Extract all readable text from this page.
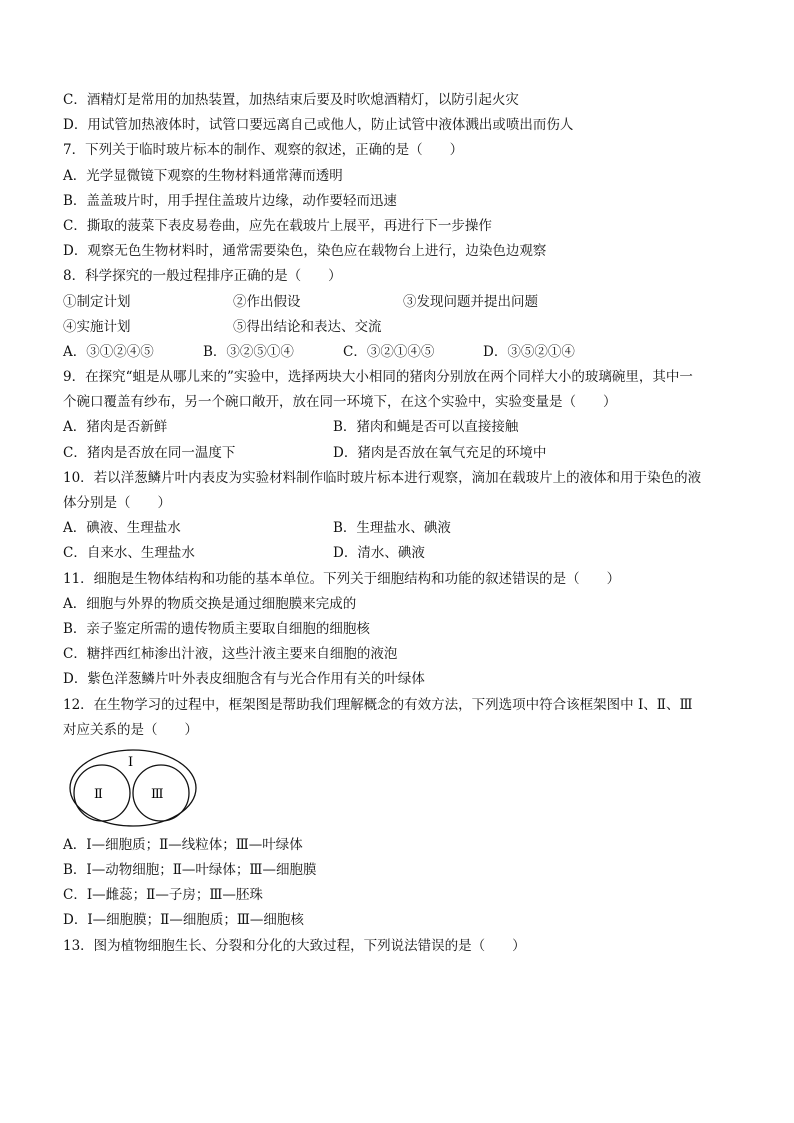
C．酒精灯是常用的加热装置，加热结束后要及时吹熄酒精灯，以防引起火灾
D．用试管加热液体时，试管口要远离自己或他人，防止试管中液体溅出或喷出而伤人
7．下列关于临时玻片标本的制作、观察的叙述，正确的是（　　）
A．光学显微镜下观察的生物材料通常薄而透明
B．盖盖玻片时，用手捏住盖玻片边缘，动作要轻而迅速
C．撕取的菠菜下表皮易卷曲，应先在载玻片上展平，再进行下一步操作
D．观察无色生物材料时，通常需要染色，染色应在载物台上进行，边染色边观察
8．科学探究的一般过程排序正确的是（　　）
①制定计划	②作出假设	③发现问题并提出问题
④实施计划	⑤得出结论和表达、交流
A．③①②④⑤	B．③②⑤①④	C．③②①④⑤	D．③⑤②①④
9．在探究“蛆是从哪儿来的”实验中，选择两块大小相同的猪肉分别放在两个同样大小的玻璃碗里，其中一
个碗口覆盖有纱布，另一个碗口敞开，放在同一环境下，在这个实验中，实验变量是（　　）
A．猪肉是否新鲜	B．猪肉和蝇是否可以直接接触
C．猪肉是否放在同一温度下	D．猪肉是否放在氧气充足的环境中
10．若以洋葱鳞片叶内表皮为实验材料制作临时玻片标本进行观察，滴加在载玻片上的液体和用于染色的液
体分别是（　　）
A．碘液、生理盐水	B．生理盐水、碘液
C．自来水、生理盐水	D．清水、碘液
11．细胞是生物体结构和功能的基本单位。下列关于细胞结构和功能的叙述错误的是（　　）
A．细胞与外界的物质交换是通过细胞膜来完成的
B．亲子鉴定所需的遗传物质主要取自细胞的细胞核
C．糖拌西红柿渗出汁液，这些汁液主要来自细胞的液泡
D．紫色洋葱鳞片叶外表皮细胞含有与光合作用有关的叶绿体
12．在生物学习的过程中，框架图是帮助我们理解概念的有效方法，下列选项中符合该框架图中 Ⅰ、Ⅱ、Ⅲ
对应关系的是（　　）
Ⅰ
Ⅱ	Ⅲ
A．Ⅰ—细胞质；Ⅱ—线粒体；Ⅲ—叶绿体
B．Ⅰ—动物细胞；Ⅱ—叶绿体；Ⅲ—细胞膜
C．Ⅰ—雌蕊；Ⅱ—子房；Ⅲ—胚珠
D．Ⅰ—细胞膜；Ⅱ—细胞质；Ⅲ—细胞核
13．图为植物细胞生长、分裂和分化的大致过程，下列说法错误的是（　　）
